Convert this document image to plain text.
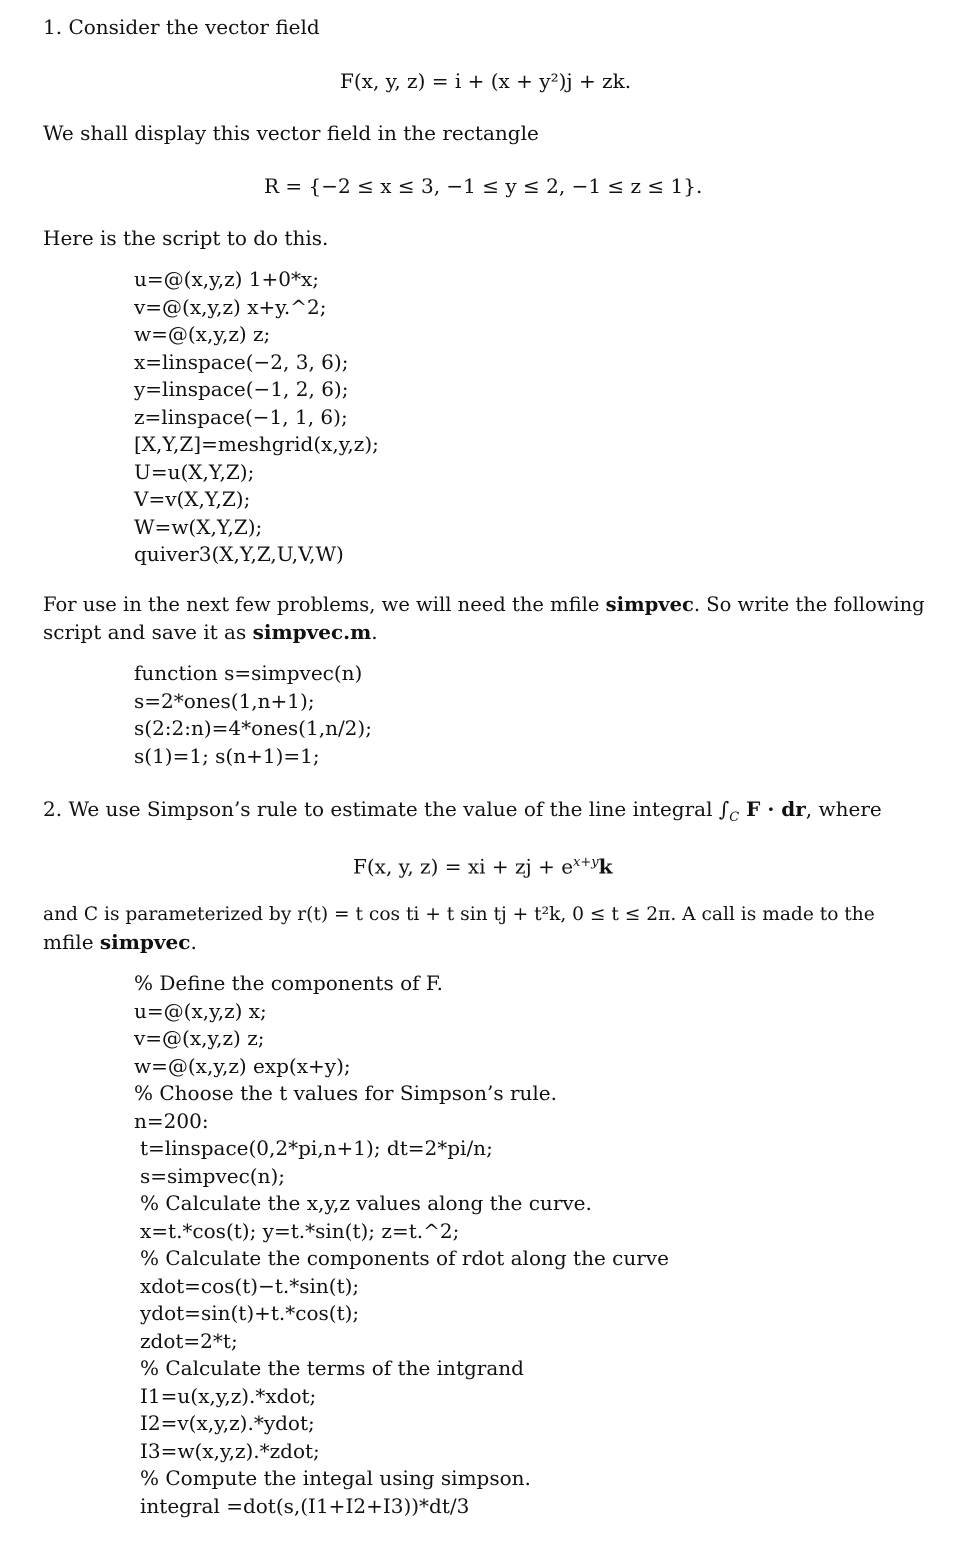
1. Consider the vector field
F(x, y, z) = i + (x + y²)j + zk.
We shall display this vector field in the rectangle
R = {−2 ≤ x ≤ 3, −1 ≤ y ≤ 2, −1 ≤ z ≤ 1}.
Here is the script to do this.
u=@(x,y,z) 1+0*x;
v=@(x,y,z) x+y.^2;
w=@(x,y,z) z;
x=linspace(−2, 3, 6);
y=linspace(−1, 2, 6);
z=linspace(−1, 1, 6);
[X,Y,Z]=meshgrid(x,y,z);
U=u(X,Y,Z);
V=v(X,Y,Z);
W=w(X,Y,Z);
quiver3(X,Y,Z,U,V,W)
For use in the next few problems, we will need the mfile simpvec. So write the following
script and save it as simpvec.m.
function s=simpvec(n)
s=2*ones(1,n+1);
s(2:2:n)=4*ones(1,n/2);
s(1)=1; s(n+1)=1;
2. We use Simpson’s rule to estimate the value of the line integral $\int_C$ F · dr, where
F(x, y, z) = xi + zj + $e^{x+y}k$
and C is parameterized by r(t) = t cos ti + t sin tj + t²k, 0 ≤ t ≤ 2π. A call is made to the
mfile simpvec.
% Define the components of F.
u=@(x,y,z) x;
v=@(x,y,z) z;
w=@(x,y,z) exp(x+y);
% Choose the t values for Simpson’s rule.
n=200:
t=linspace(0,2*pi,n+1); dt=2*pi/n;
s=simpvec(n);
% Calculate the x,y,z values along the curve.
x=t.*cos(t); y=t.*sin(t); z=t.^2;
% Calculate the components of rdot along the curve
xdot=cos(t)−t.*sin(t);
ydot=sin(t)+t.*cos(t);
zdot=2*t;
% Calculate the terms of the intgrand
I1=u(x,y,z).*xdot;
I2=v(x,y,z).*ydot;
I3=w(x,y,z).*zdot;
% Compute the integal using simpson.
integral =dot(s,(I1+I2+I3))*dt/3
